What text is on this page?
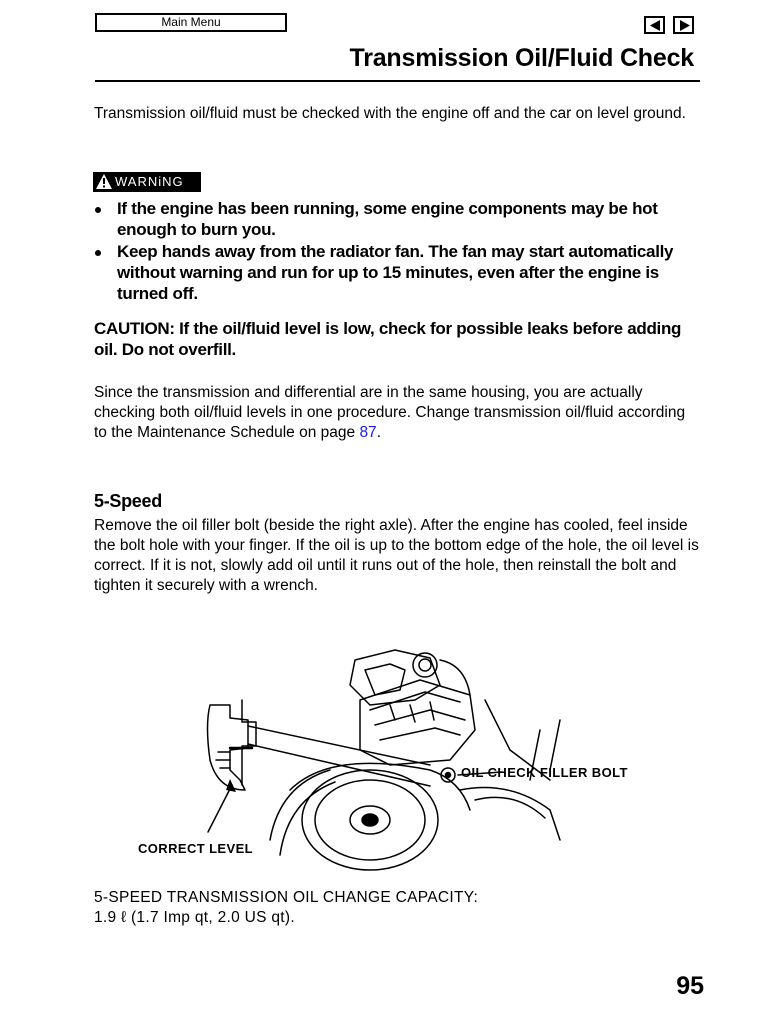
Main Menu
Transmission Oil/Fluid Check

Transmission oil/fluid must be checked with the engine off and the car on level ground.

WARNiNG
If the engine has been running, some engine components may be hot enough to burn you.
Keep hands away from the radiator fan. The fan may start automatically without warning and run for up to 15 minutes, even after the engine is turned off.
CAUTION: If the oil/fluid level is low, check for possible leaks before adding oil. Do not overfill.

Since the transmission and differential are in the same housing, you are actually checking both oil/fluid levels in one procedure. Change transmission oil/fluid according to the Maintenance Schedule on page 87.

5-Speed

Remove the oil filler bolt (beside the right axle). After the engine has cooled, feel inside the bolt hole with your finger. If the oil is up to the bottom edge of the hole, the oil level is correct. If it is not, slowly add oil until it runs out of the hole, then reinstall the bolt and tighten it securely with a wrench.

OIL CHECK FILLER BOLT
CORRECT LEVEL

5-SPEED TRANSMISSION OIL CHANGE CAPACITY:
1.9 ℓ (1.7 Imp qt, 2.0 US qt).

95
